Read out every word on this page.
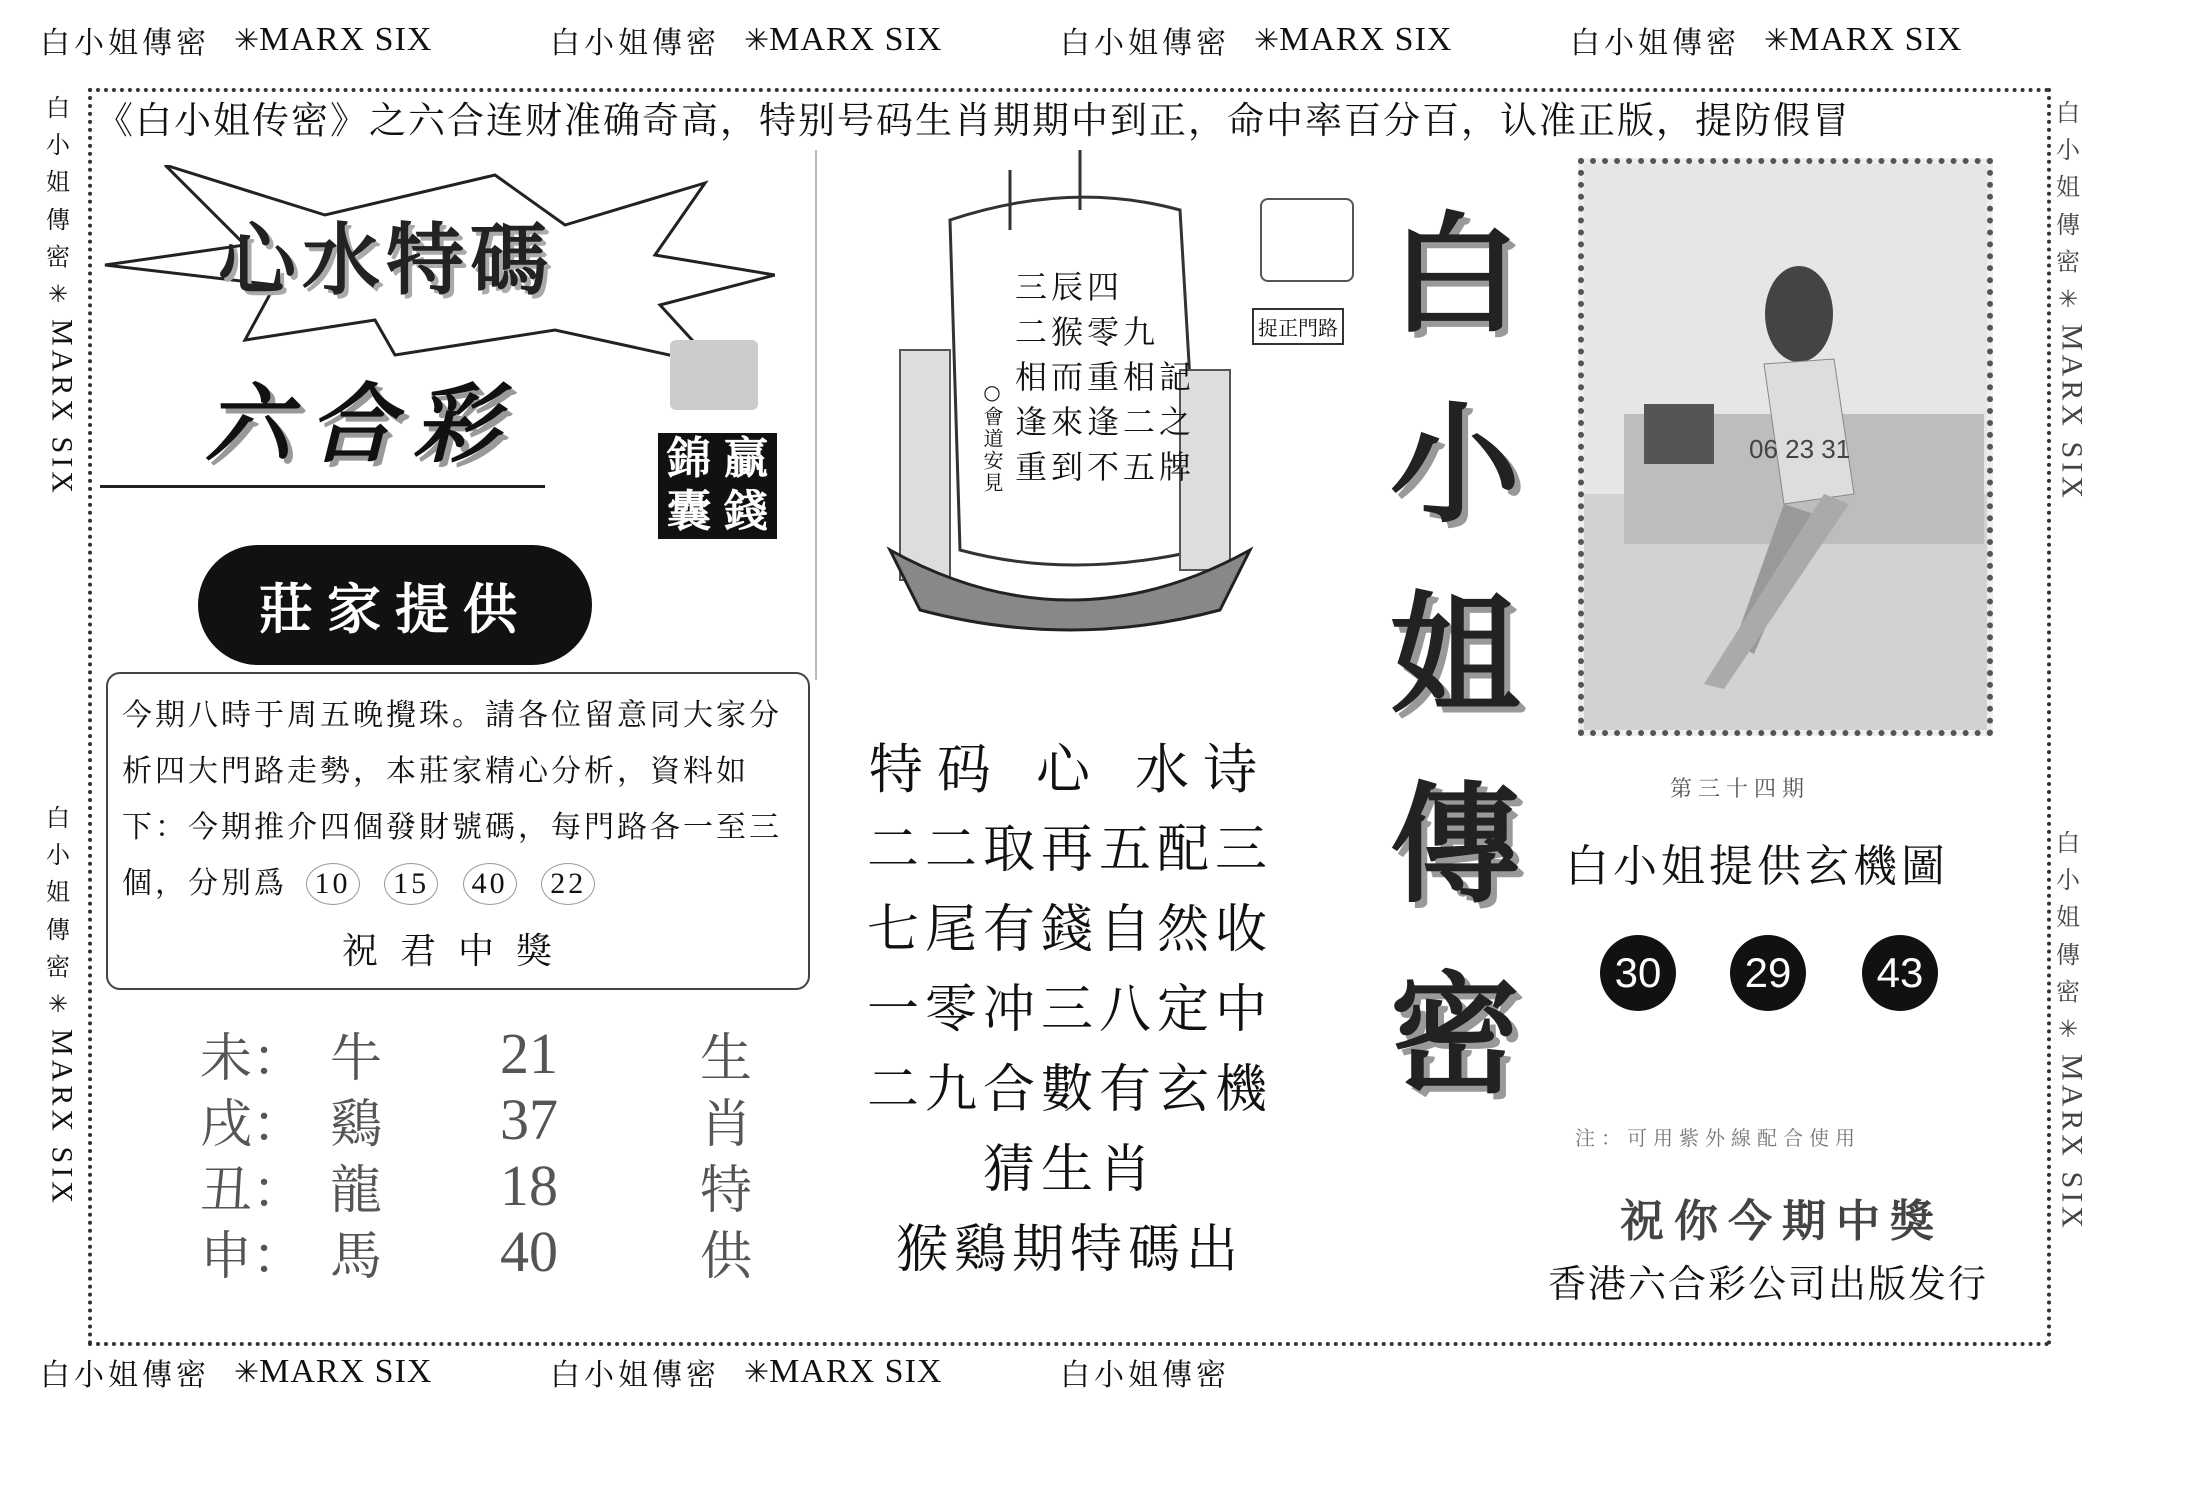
白小姐傳密 ✳MARX SIX	白小姐傳密 ✳MARX SIX	白小姐傳密 ✳MARX SIX	白小姐傳密 ✳MARX SIX
白小姐傳密 ✳MARX SIX	白小姐傳密 ✳MARX SIX	白小姐傳密
白
小
姐
傳
密
✳
MARX SIX
白
小
姐
傳
密
✳
MARX SIX
白
小
姐
傳
密
✳
MARX SIX
白
小
姐
傳
密
✳
MARX SIX
《白小姐传密》之六合连财准确奇高，特别号码生肖期期中到正，命中率百分百，认准正版，提防假冒
心水特碼
六合彩	錦囊
贏錢
莊家提供
今期八時于周五晚攪珠。請各位留意同大家分析四大門路走勢，本莊家精心分析，資料如下：今期推介四個發財號碼，每門路各一至三個，分別爲 10 15 40 22
祝君中獎
未： 牛	21	生
戌： 鷄	37	肖
丑： 龍	18	特
申： 馬	40	供
三辰四
二猴零九
相而重相記
逢來逢二之
重到不五牌
○會道安見
捉正門路
特码 心 水诗
二二取再五配三
七尾有錢自然收
一零冲三八定中
二九合數有玄機
猜生肖
猴鷄期特碼出
白
小
姐
傳
密
06 23 31
第三十四期
白小姐提供玄機圖
30	29	43
注：可用紫外線配合使用
祝你今期中獎
香港六合彩公司出版发行
